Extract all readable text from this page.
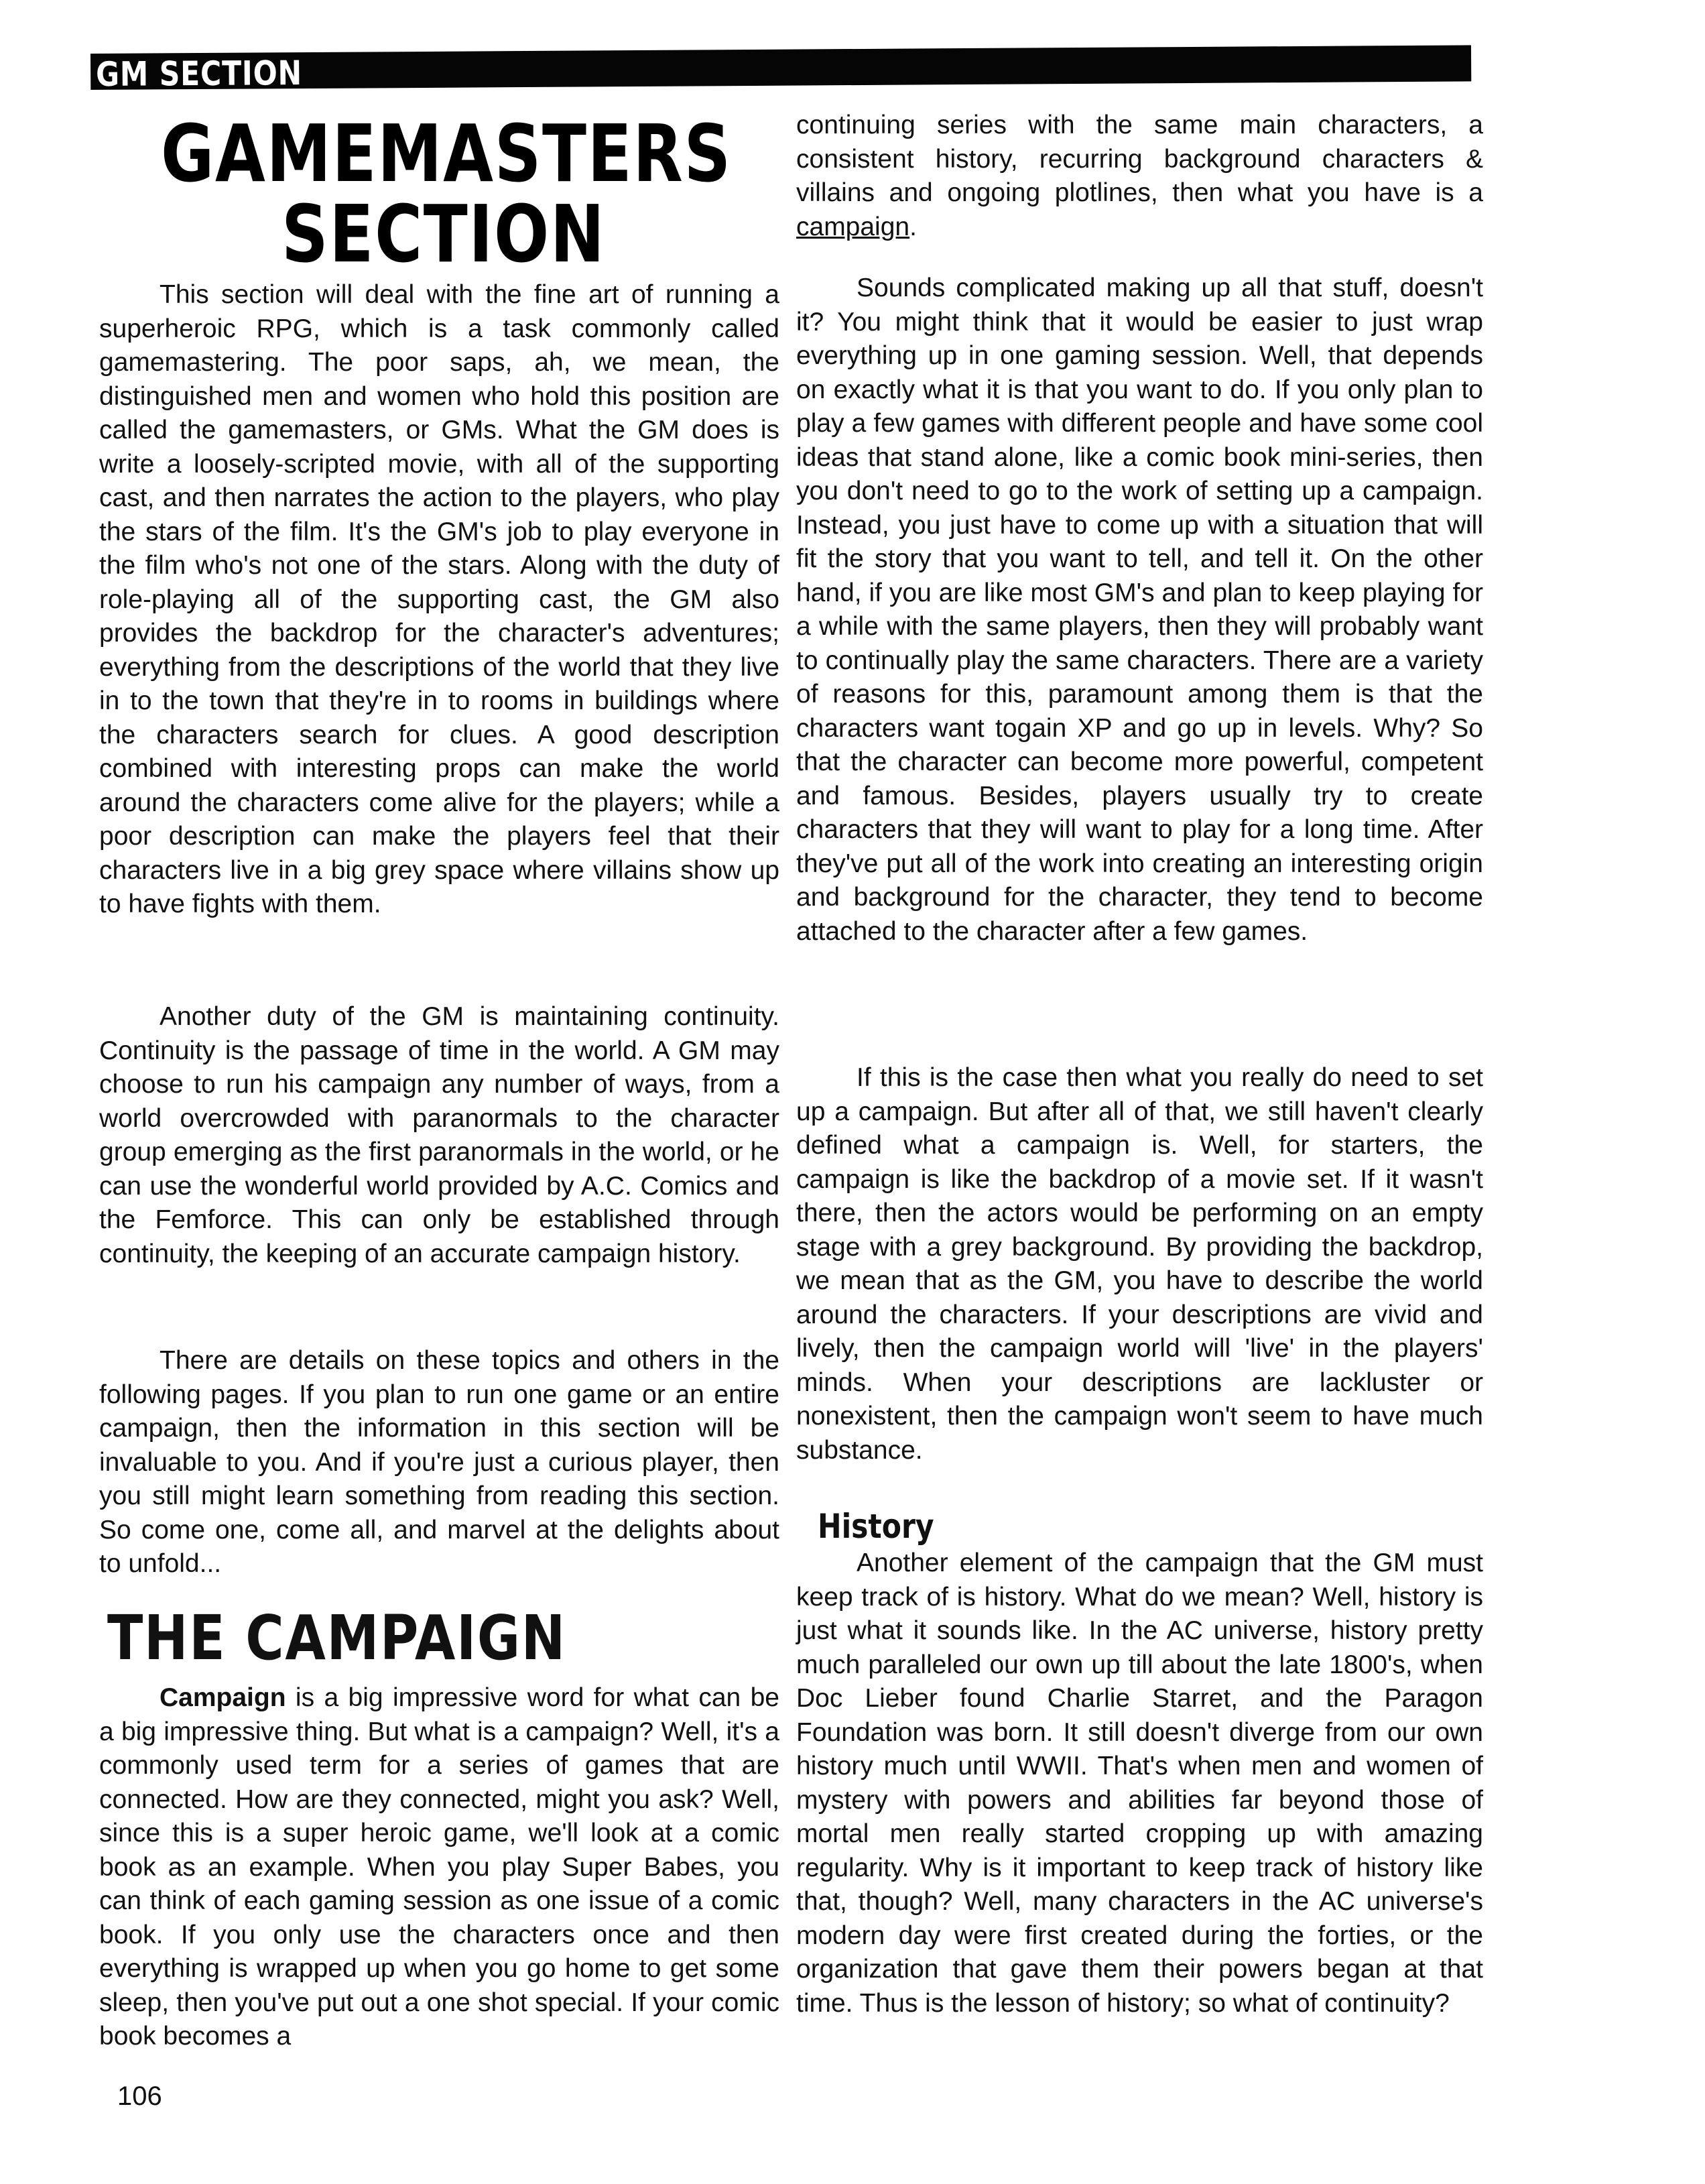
GM SECTION
GAMEMASTERS
SECTION

This section will deal with the fine art of running a superheroic RPG, which is a task commonly called gamemastering. The poor saps, ah, we mean, the distinguished men and women who hold this position are called the gamemasters, or GMs. What the GM does is write a loosely-scripted movie, with all of the supporting cast, and then narrates the action to the players, who play the stars of the film. It's the GM's job to play everyone in the film who's not one of the stars. Along with the duty of role-playing all of the supporting cast, the GM also provides the backdrop for the character's adventures; everything from the descriptions of the world that they live in to the town that they're in to rooms in buildings where the characters search for clues. A good description combined with interesting props can make the world around the characters come alive for the players; while a poor description can make the players feel that their characters live in a big grey space where villains show up to have fights with them.

Another duty of the GM is maintaining continuity. Continuity is the passage of time in the world. A GM may choose to run his campaign any number of ways, from a world overcrowded with paranormals to the character group emerging as the first paranormals in the world, or he can use the wonderful world provided by A.C. Comics and the Femforce. This can only be established through continuity, the keeping of an accurate campaign history.

There are details on these topics and others in the following pages. If you plan to run one game or an entire campaign, then the information in this section will be invaluable to you. And if you're just a curious player, then you still might learn something from reading this section. So come one, come all, and marvel at the delights about to unfold...

THE CAMPAIGN

Campaign is a big impressive word for what can be a big impressive thing. But what is a campaign? Well, it's a commonly used term for a series of games that are connected. How are they connected, might you ask? Well, since this is a super heroic game, we'll look at a comic book as an example. When you play Super Babes, you can think of each gaming session as one issue of a comic book. If you only use the characters once and then everything is wrapped up when you go home to get some sleep, then you've put out a one shot special. If your comic book becomes a

continuing series with the same main characters, a consistent history, recurring background characters & villains and ongoing plotlines, then what you have is a campaign.

Sounds complicated making up all that stuff, doesn't it? You might think that it would be easier to just wrap everything up in one gaming session. Well, that depends on exactly what it is that you want to do. If you only plan to play a few games with different people and have some cool ideas that stand alone, like a comic book mini-series, then you don't need to go to the work of setting up a campaign. Instead, you just have to come up with a situation that will fit the story that you want to tell, and tell it. On the other hand, if you are like most GM's and plan to keep playing for a while with the same players, then they will probably want to continually play the same characters. There are a variety of reasons for this, paramount among them is that the characters want togain XP and go up in levels. Why? So that the character can become more powerful, competent and famous. Besides, players usually try to create characters that they will want to play for a long time. After they've put all of the work into creating an interesting origin and background for the character, they tend to become attached to the character after a few games.

If this is the case then what you really do need to set up a campaign. But after all of that, we still haven't clearly defined what a campaign is. Well, for starters, the campaign is like the backdrop of a movie set. If it wasn't there, then the actors would be performing on an empty stage with a grey background. By providing the backdrop, we mean that as the GM, you have to describe the world around the characters. If your descriptions are vivid and lively, then the campaign world will 'live' in the players' minds. When your descriptions are lackluster or nonexistent, then the campaign won't seem to have much substance.

History

Another element of the campaign that the GM must keep track of is history. What do we mean? Well, history is just what it sounds like. In the AC universe, history pretty much paralleled our own up till about the late 1800's, when Doc Lieber found Charlie Starret, and the Paragon Foundation was born. It still doesn't diverge from our own history much until WWII. That's when men and women of mystery with powers and abilities far beyond those of mortal men really started cropping up with amazing regularity. Why is it important to keep track of history like that, though? Well, many characters in the AC universe's modern day were first created during the forties, or the organization that gave them their powers began at that time. Thus is the lesson of history; so what of continuity?

106
